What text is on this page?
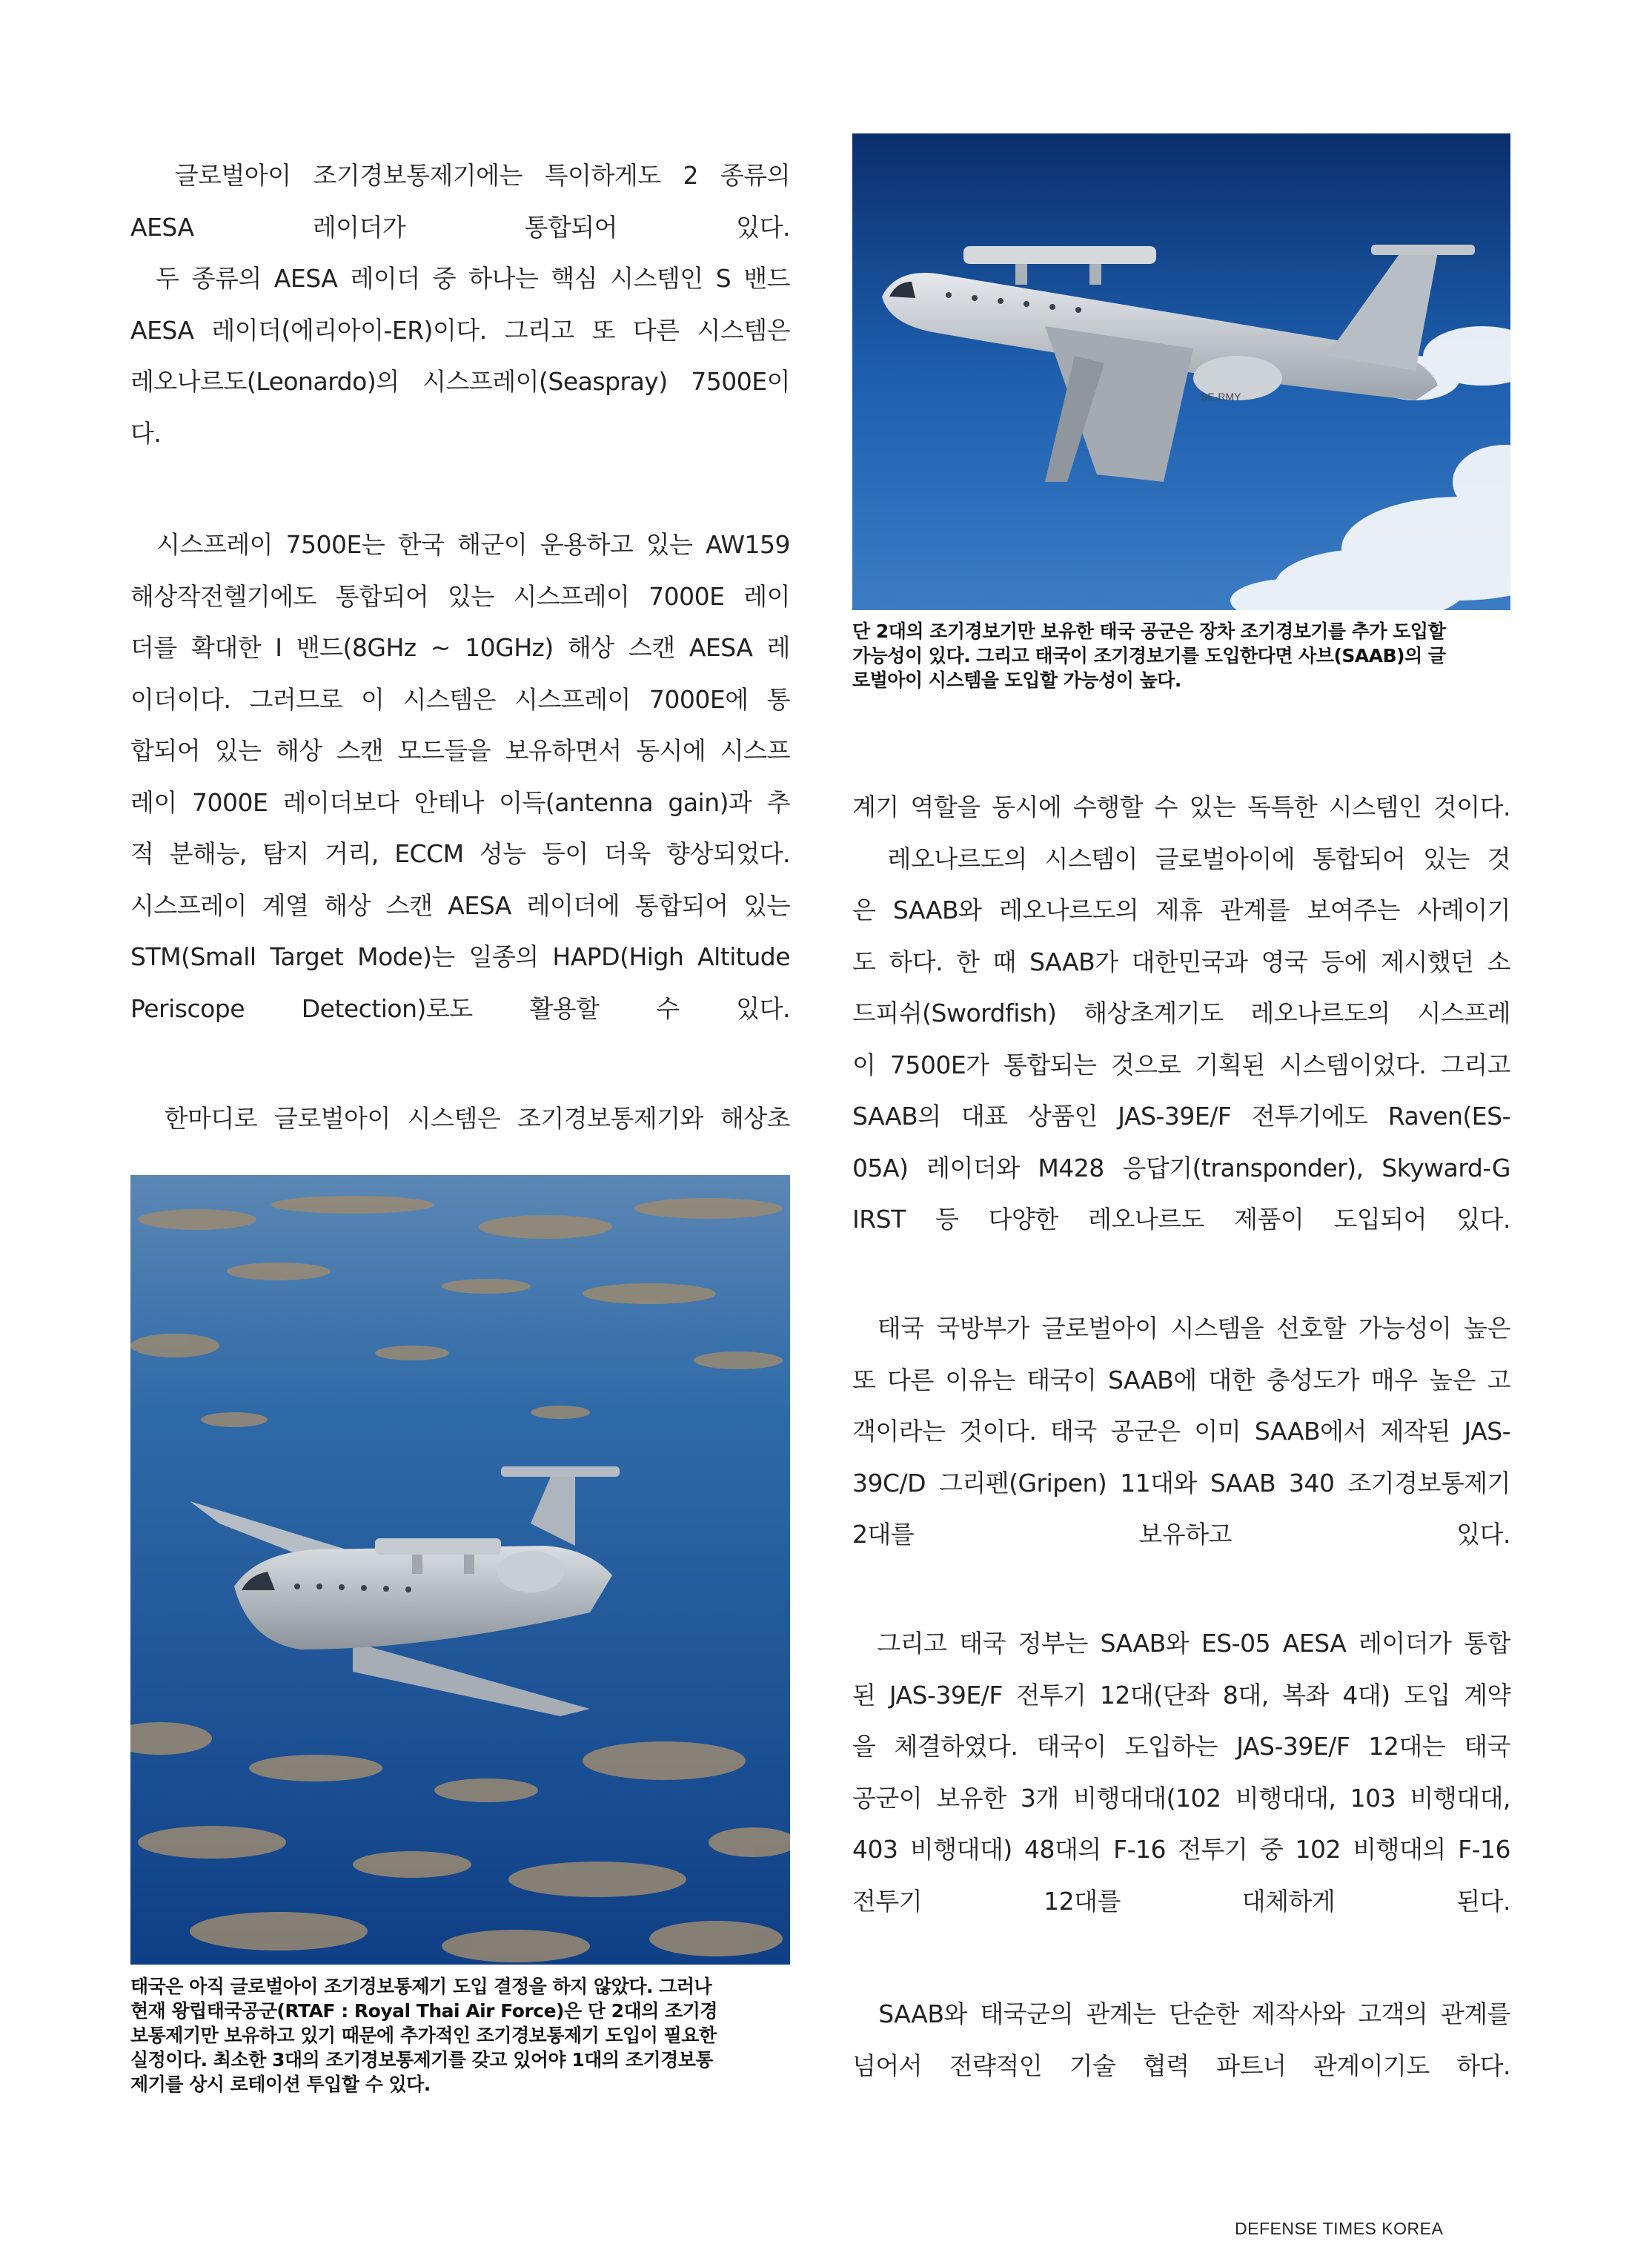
글로벌아이 조기경보통제기에는 특이하게도 2 종류의
AESA 레이더가 통합되어 있다.
두 종류의 AESA 레이더 중 하나는 핵심 시스템인 S 밴드
AESA 레이더(에리아이-ER)이다. 그리고 또 다른 시스템은
레오나르도(Leonardo)의 시스프레이(Seaspray) 7500E이
다.

시스프레이 7500E는 한국 해군이 운용하고 있는 AW159
해상작전헬기에도 통합되어 있는 시스프레이 7000E 레이
더를 확대한 I 밴드(8GHz ~ 10GHz) 해상 스캔 AESA 레
이더이다. 그러므로 이 시스템은 시스프레이 7000E에 통
합되어 있는 해상 스캔 모드들을 보유하면서 동시에 시스프
레이 7000E 레이더보다 안테나 이득(antenna gain)과 추
적 분해능, 탐지 거리, ECCM 성능 등이 더욱 향상되었다.
시스프레이 계열 해상 스캔 AESA 레이더에 통합되어 있는
STM(Small Target Mode)는 일종의 HAPD(High Altitude
Periscope Detection)로도 활용할 수 있다.

한마디로 글로벌아이 시스템은 조기경보통제기와 해상초

태국은 아직 글로벌아이 조기경보통제기 도입 결정을 하지 않았다. 그러나
현재 왕립태국공군(RTAF : Royal Thai Air Force)은 단 2대의 조기경
보통제기만 보유하고 있기 때문에 추가적인 조기경보통제기 도입이 필요한
실정이다. 최소한 3대의 조기경보통제기를 갖고 있어야 1대의 조기경보통
제기를 상시 로테이션 투입할 수 있다.
SE-RMY
단 2대의 조기경보기만 보유한 태국 공군은 장차 조기경보기를 추가 도입할
가능성이 있다. 그리고 태국이 조기경보기를 도입한다면 사브(SAAB)의 글
로벌아이 시스템을 도입할 가능성이 높다.

계기 역할을 동시에 수행할 수 있는 독특한 시스템인 것이다.
레오나르도의 시스템이 글로벌아이에 통합되어 있는 것
은 SAAB와 레오나르도의 제휴 관계를 보여주는 사례이기
도 하다. 한 때 SAAB가 대한민국과 영국 등에 제시했던 소
드피쉬(Swordfish) 해상초계기도 레오나르도의 시스프레
이 7500E가 통합되는 것으로 기획된 시스템이었다. 그리고
SAAB의 대표 상품인 JAS-39E/F 전투기에도 Raven(ES-
05A) 레이더와 M428 응답기(transponder), Skyward-G
IRST 등 다양한 레오나르도 제품이 도입되어 있다.

태국 국방부가 글로벌아이 시스템을 선호할 가능성이 높은
또 다른 이유는 태국이 SAAB에 대한 충성도가 매우 높은 고
객이라는 것이다. 태국 공군은 이미 SAAB에서 제작된 JAS-
39C/D 그리펜(Gripen) 11대와 SAAB 340 조기경보통제기
2대를 보유하고 있다.

그리고 태국 정부는 SAAB와 ES-05 AESA 레이더가 통합
된 JAS-39E/F 전투기 12대(단좌 8대, 복좌 4대) 도입 계약
을 체결하였다. 태국이 도입하는 JAS-39E/F 12대는 태국
공군이 보유한 3개 비행대대(102 비행대대, 103 비행대대,
403 비행대대) 48대의 F-16 전투기 중 102 비행대의 F-16
전투기 12대를 대체하게 된다.

SAAB와 태국군의 관계는 단순한 제작사와 고객의 관계를
넘어서 전략적인 기술 협력 파트너 관계이기도 하다.

DEFENSE TIMES KOREA
